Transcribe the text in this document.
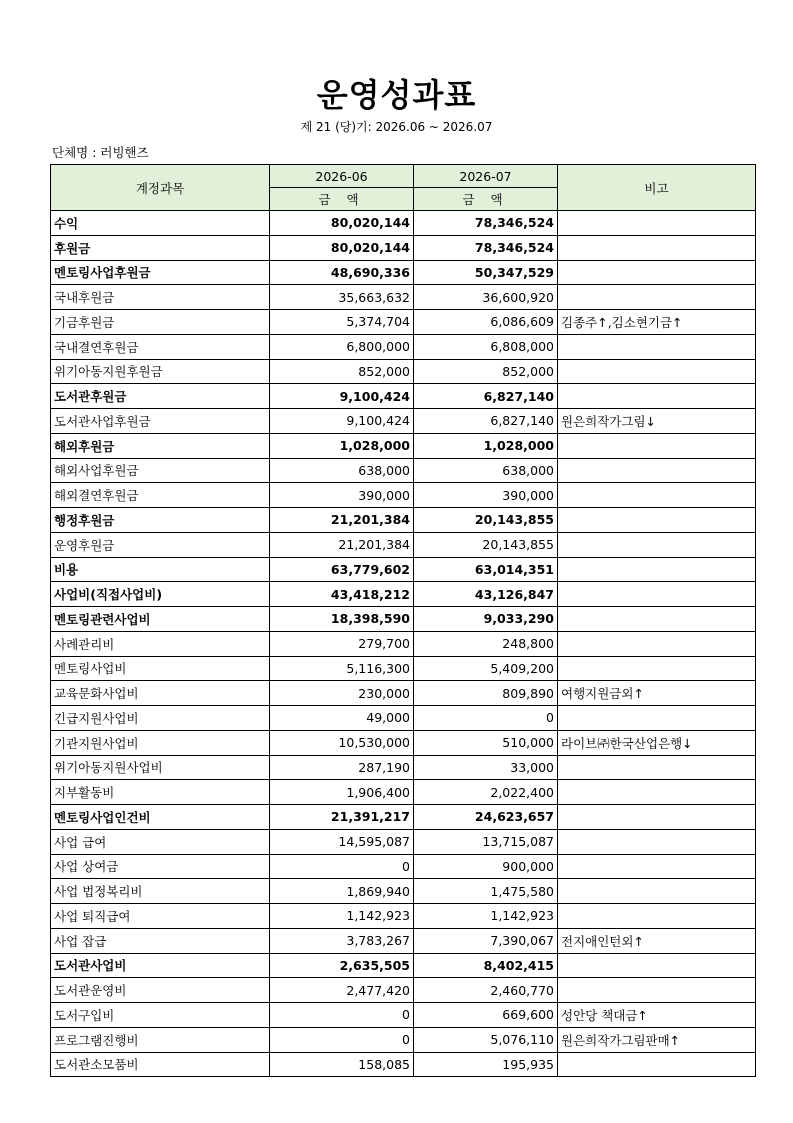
운영성과표
제 21 (당)기: 2026.06 ~ 2026.07
단체명 : 러빙핸즈
계정과목	2026-06	2026-07	비고
	금 액	금 액	
수익	80,020,144	78,346,524	
후원금	80,020,144	78,346,524	
멘토링사업후원금	48,690,336	50,347,529	
국내후원금	35,663,632	36,600,920	
기금후원금	5,374,704	6,086,609	김종주↑,김소현기금↑
국내결연후원금	6,800,000	6,808,000	
위기아동지원후원금	852,000	852,000	
도서관후원금	9,100,424	6,827,140	
도서관사업후원금	9,100,424	6,827,140	원은희작가그림↓
해외후원금	1,028,000	1,028,000	
해외사업후원금	638,000	638,000	
해외결연후원금	390,000	390,000	
행정후원금	21,201,384	20,143,855	
운영후원금	21,201,384	20,143,855	
비용	63,779,602	63,014,351	
사업비(직접사업비)	43,418,212	43,126,847	
멘토링관련사업비	18,398,590	9,033,290	
사례관리비	279,700	248,800	
멘토링사업비	5,116,300	5,409,200	
교육문화사업비	230,000	809,890	여행지원금외↑
긴급지원사업비	49,000	0	
기관지원사업비	10,530,000	510,000	라이브㈜한국산업은행↓
위기아동지원사업비	287,190	33,000	
지부활동비	1,906,400	2,022,400	
멘토링사업인건비	21,391,217	24,623,657	
사업 급여	14,595,087	13,715,087	
사업 상여금	0	900,000	
사업 법정복리비	1,869,940	1,475,580	
사업 퇴직급여	1,142,923	1,142,923	
사업 잡급	3,783,267	7,390,067	전지애인턴외↑
도서관사업비	2,635,505	8,402,415	
도서관운영비	2,477,420	2,460,770	
도서구입비	0	669,600	성안당 책대금↑
프로그램진행비	0	5,076,110	원은희작가그림판매↑
도서관소모품비	158,085	195,935	
